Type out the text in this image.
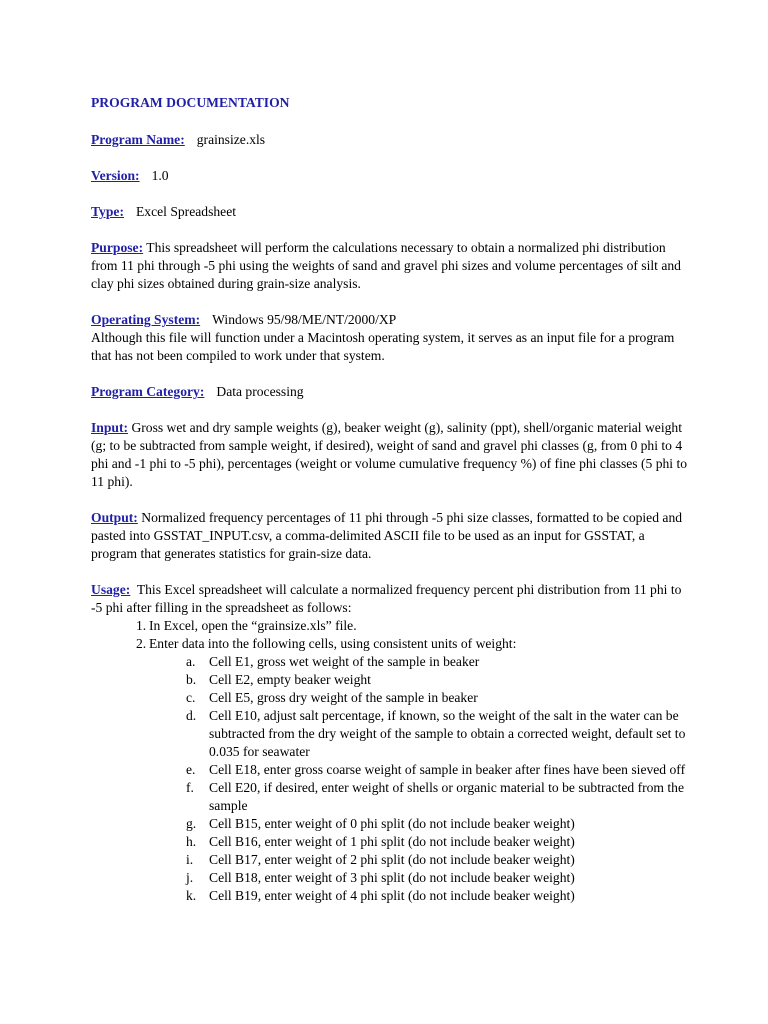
PROGRAM DOCUMENTATION

Program Name: grainsize.xls

Version: 1.0

Type: Excel Spreadsheet

Purpose: This spreadsheet will perform the calculations necessary to obtain a normalized phi distribution from 11 phi through -5 phi using the weights of sand and gravel phi sizes and volume percentages of silt and clay phi sizes obtained during grain-size analysis.

Operating System: Windows 95/98/ME/NT/2000/XP

Although this file will function under a Macintosh operating system, it serves as an input file for a program that has not been compiled to work under that system.

Program Category: Data processing

Input: Gross wet and dry sample weights (g), beaker weight (g), salinity (ppt), shell/organic material weight (g; to be subtracted from sample weight, if desired), weight of sand and gravel phi classes (g, from 0 phi to 4 phi and -1 phi to -5 phi), percentages (weight or volume cumulative frequency %) of fine phi classes (5 phi to 11 phi).

Output: Normalized frequency percentages of 11 phi through -5 phi size classes, formatted to be copied and pasted into GSSTAT_INPUT.csv, a comma-delimited ASCII file to be used as an input for GSSTAT, a program that generates statistics for grain-size data.

Usage: This Excel spreadsheet will calculate a normalized frequency percent phi distribution from 11 phi to -5 phi after filling in the spreadsheet as follows:

1. In Excel, open the “grainsize.xls” file.
2. Enter data into the following cells, using consistent units of weight:
a. Cell E1, gross wet weight of the sample in beaker
b. Cell E2, empty beaker weight
c. Cell E5, gross dry weight of the sample in beaker
d. Cell E10, adjust salt percentage, if known, so the weight of the salt in the water can be subtracted from the dry weight of the sample to obtain a corrected weight, default set to 0.035 for seawater
e. Cell E18, enter gross coarse weight of sample in beaker after fines have been sieved off
f.	Cell E20, if desired, enter weight of shells or organic material to be subtracted from the sample
g. Cell B15, enter weight of 0 phi split (do not include beaker weight)
h. Cell B16, enter weight of 1 phi split (do not include beaker weight)
i.	Cell B17, enter weight of 2 phi split (do not include beaker weight)
j.	Cell B18, enter weight of 3 phi split (do not include beaker weight)
k. Cell B19, enter weight of 4 phi split (do not include beaker weight)
